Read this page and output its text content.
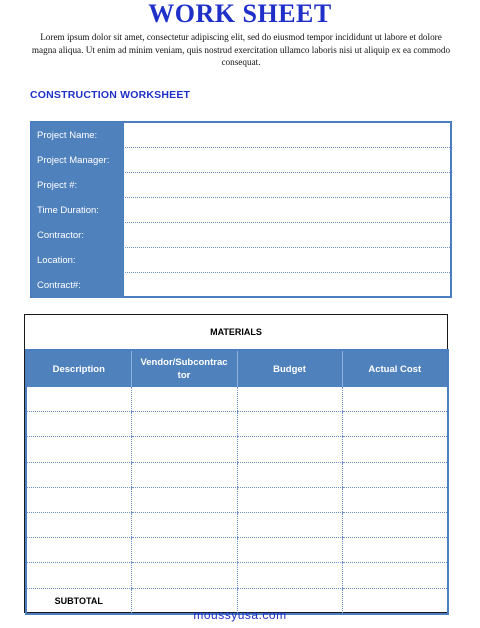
WORK SHEET
Lorem ipsum dolor sit amet, consectetur adipiscing elit, sed do eiusmod tempor incididunt ut labore et dolore magna aliqua. Ut enim ad minim veniam, quis nostrud exercitation ullamco laboris nisi ut aliquip ex ea commodo consequat.
CONSTRUCTION WORKSHEET
Project Name:
Project Manager:
Project #:
Time Duration:
Contractor:
Location:
Contract#:
MATERIALS
Description	Vendor/Subcontrac tor	Budget	Actual Cost

SUBTOTAL			
moussyusa.com
